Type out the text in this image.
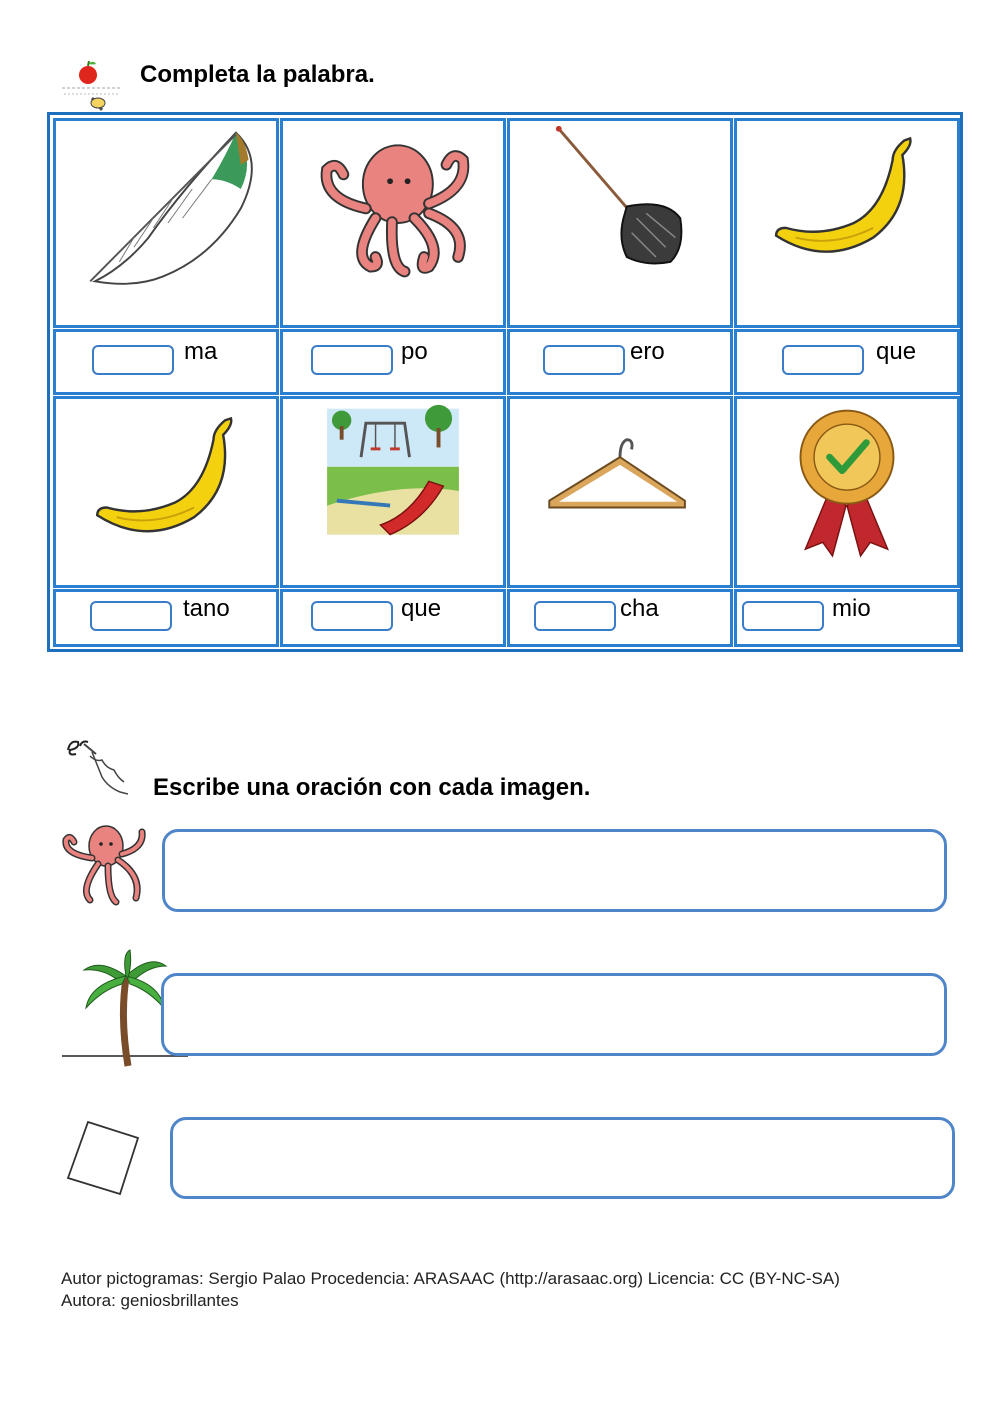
Completa la palabra.
ma	po	ero	que
tano	que	cha	mio
Escribe una oración con cada imagen.
Autor pictogramas: Sergio Palao Procedencia: ARASAAC (http://arasaac.org) Licencia: CC (BY-NC-SA)
Autora: geniosbrillantes
